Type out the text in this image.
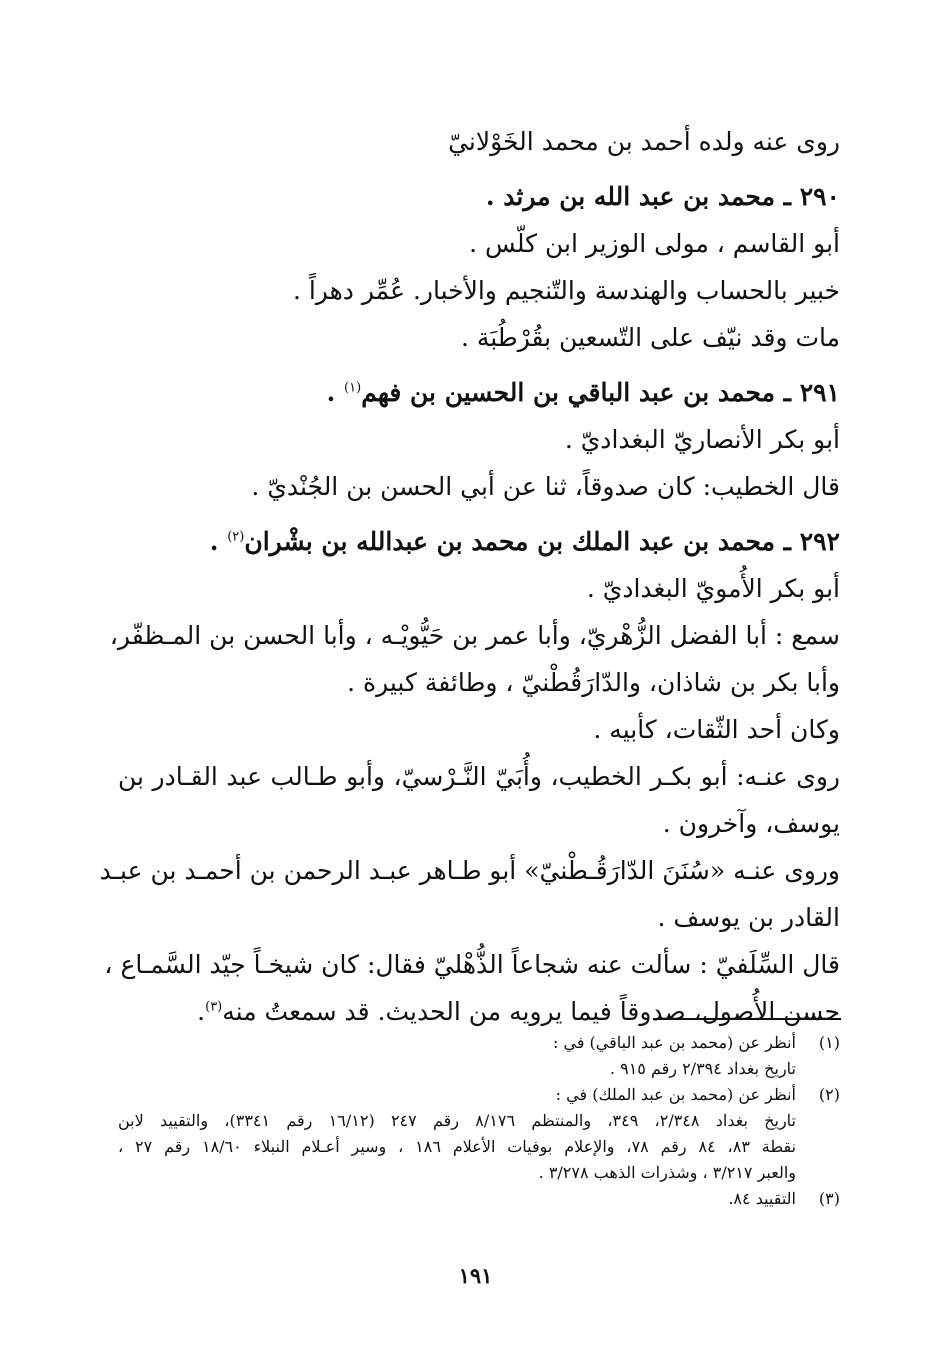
روى عنه ولده أحمد بن محمد الخَوْلانيّ
٢٩٠ ـ محمد بن عبد الله بن مرثد .
أبو القاسم ، مولى الوزير ابن كلّس .
خبير بالحساب والهندسة والتّنجيم والأخبار. عُمِّر دهراً .
مات وقد نيّف على التّسعين بقُرْطُبَة .
٢٩١ ـ محمد بن عبد الباقي بن الحسين بن فهم$^{(١)}$ .
أبو بكر الأنصاريّ البغداديّ .
قال الخطيب: كان صدوقاً، ثنا عن أبي الحسن بن الجُنْديّ .
٢٩٢ ـ محمد بن عبد الملك بن محمد بن عبدالله بن بشْران$^{(٢)}$ .
أبو بكر الأُمويّ البغداديّ .
سمع : أبا الفضل الزُّهْريّ، وأبا عمر بن حَيُّويْـه ، وأبا الحسن بن المـظفّر،
وأبا بكر بن شاذان، والدّارَقُطْنيّ ، وطائفة كبيرة .
وكان أحد الثّقات، كأبيه .
روى عنـه: أبو بكـر الخطيب، وأُبَيّ النَّـرْسيّ، وأبو طـالب عبد القـادر بن
يوسف، وآخرون .
وروى عنـه «سُنَنَ الدّارَقُـطْنيّ» أبو طـاهر عبـد الرحمن بن أحمـد بن عبـد
القادر بن يوسف .
قال السِّلَفيّ : سألت عنه شجاعاً الذُّهْليّ فقال: كان شيخـاً جيّد السَّمـاع ،
حسن الأُصول، صدوقاً فيما يرويه من الحديث. قد سمعتُ منه$^{(٣)}$.
(١)
أنظر عن (محمد بن عبد الباقي) في :
تاريخ بغداد ٢/٣٩٤ رقم ٩١٥ .
(٢)
أنظر عن (محمد بن عبد الملك) في :
تاريخ بغداد ٢/٣٤٨، ٣٤٩، والمنتظم ٨/١٧٦ رقم ٢٤٧ (١٦/١٢ رقم ٣٣٤١)، والتقييد لابن
نقطة ٨٣، ٨٤ رقم ٧٨، والإعلام بوفيات الأعلام ١٨٦ ، وسير أعـلام النبلاء ١٨/٦٠ رقم ٢٧ ،
والعبر ٣/٢١٧ ، وشذرات الذهب ٣/٢٧٨ .
(٣)
التقييد ٨٤.
١٩١
